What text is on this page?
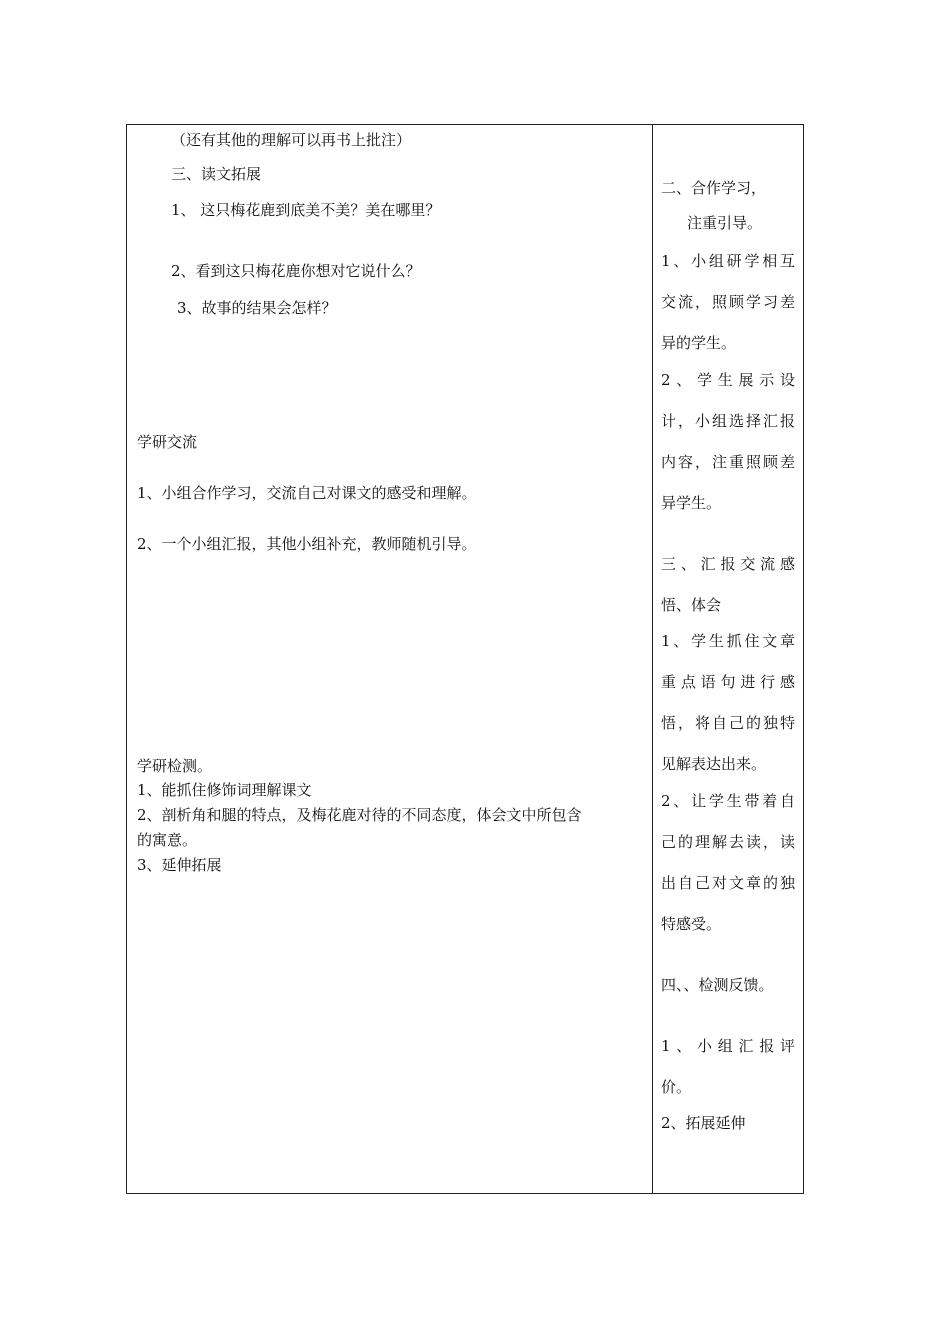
（还有其他的理解可以再书上批注）
三、读文拓展
1、 这只梅花鹿到底美不美？美在哪里？
2、看到这只梅花鹿你想对它说什么？
3、故事的结果会怎样？
学研交流
1、小组合作学习，交流自己对课文的感受和理解。
2、一个小组汇报，其他小组补充，教师随机引导。
学研检测。
1、能抓住修饰词理解课文
2、剖析角和腿的特点，及梅花鹿对待的不同态度，体会文中所包含
的寓意。
3、延伸拓展
二、合作学习，
注重引导。
1、小组研学相互
交流，照顾学习差
异的学生。
2、学生展示设
计，小组选择汇报
内容，注重照顾差
异学生。
三、汇报交流感
悟、体会
1、学生抓住文章
重点语句进行感
悟，将自己的独特
见解表达出来。
2、让学生带着自
己的理解去读，读
出自己对文章的独
特感受。
四、、检测反馈。
1、小组汇报评
价。
2、拓展延伸
